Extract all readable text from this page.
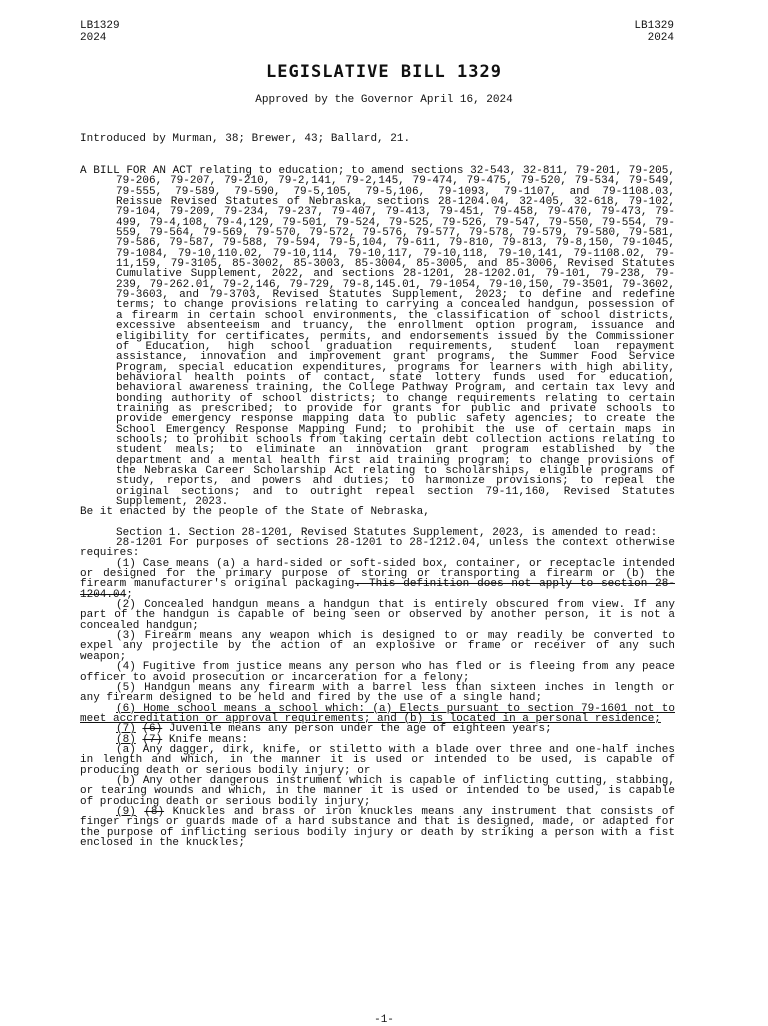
LB1329
2024
LB1329
2024
LEGISLATIVE BILL 1329
Approved by the Governor April 16, 2024
Introduced by Murman, 38; Brewer, 43; Ballard, 21.

A BILL FOR AN ACT relating to education; to amend sections 32-543, 32-811, 79-201, 79-205, 79-206, 79-207, 79-210, 79-2,141, 79-2,145, 79-474, 79-475, 79-520, 79-534, 79-549, 79-555, 79-589, 79-590, 79-5,105, 79-5,106, 79-1093, 79-1107, and 79-1108.03, Reissue Revised Statutes of Nebraska, sections 28-1204.04, 32-405, 32-618, 79-102, 79-104, 79-209, 79-234, 79-237, 79-407, 79-413, 79-451, 79-458, 79-470, 79-473, 79-499, 79-4,108, 79-4,129, 79-501, 79-524, 79-525, 79-526, 79-547, 79-550, 79-554, 79-559, 79-564, 79-569, 79-570, 79-572, 79-576, 79-577, 79-578, 79-579, 79-580, 79-581, 79-586, 79-587, 79-588, 79-594, 79-5,104, 79-611, 79-810, 79-813, 79-8,150, 79-1045, 79-1084, 79-10,110.02, 79-10,114, 79-10,117, 79-10,118, 79-10,141, 79-1108.02, 79-11,159, 79-3105, 85-3002, 85-3003, 85-3004, 85-3005, and 85-3006, Revised Statutes Cumulative Supplement, 2022, and sections 28-1201, 28-1202.01, 79-101, 79-238, 79-239, 79-262.01, 79-2,146, 79-729, 79-8,145.01, 79-1054, 79-10,150, 79-3501, 79-3602, 79-3603, and 79-3703, Revised Statutes Supplement, 2023; to define and redefine terms; to change provisions relating to carrying a concealed handgun, possession of a firearm in certain school environments, the classification of school districts, excessive absenteeism and truancy, the enrollment option program, issuance and eligibility for certificates, permits, and endorsements issued by the Commissioner of Education, high school graduation requirements, student loan repayment assistance, innovation and improvement grant programs, the Summer Food Service Program, special education expenditures, programs for learners with high ability, behavioral health points of contact, state lottery funds used for education, behavioral awareness training, the College Pathway Program, and certain tax levy and bonding authority of school districts; to change requirements relating to certain training as prescribed; to provide for grants for public and private schools to provide emergency response mapping data to public safety agencies; to create the School Emergency Response Mapping Fund; to prohibit the use of certain maps in schools; to prohibit schools from taking certain debt collection actions relating to student meals; to eliminate an innovation grant program established by the department and a mental health first aid training program; to change provisions of the Nebraska Career Scholarship Act relating to scholarships, eligible programs of study, reports, and powers and duties; to harmonize provisions; to repeal the original sections; and to outright repeal section 79-11,160, Revised Statutes Supplement, 2023.

Be it enacted by the people of the State of Nebraska,

Section 1. Section 28-1201, Revised Statutes Supplement, 2023, is amended to read:

28-1201 For purposes of sections 28-1201 to 28-1212.04, unless the context otherwise requires:

(1) Case means (a) a hard-sided or soft-sided box, container, or receptacle intended or designed for the primary purpose of storing or transporting a firearm or (b) the firearm manufacturer's original packaging. This definition does not apply to section 28-1204.04;

(2) Concealed handgun means a handgun that is entirely obscured from view. If any part of the handgun is capable of being seen or observed by another person, it is not a concealed handgun;

(3) Firearm means any weapon which is designed to or may readily be converted to expel any projectile by the action of an explosive or frame or receiver of any such weapon;

(4) Fugitive from justice means any person who has fled or is fleeing from any peace officer to avoid prosecution or incarceration for a felony;

(5) Handgun means any firearm with a barrel less than sixteen inches in length or any firearm designed to be held and fired by the use of a single hand;

(6) Home school means a school which: (a) Elects pursuant to section 79-1601 not to meet accreditation or approval requirements; and (b) is located in a personal residence;

(7) (6) Juvenile means any person under the age of eighteen years;

(8) (7) Knife means:

(a) Any dagger, dirk, knife, or stiletto with a blade over three and one-half inches in length and which, in the manner it is used or intended to be used, is capable of producing death or serious bodily injury; or

(b) Any other dangerous instrument which is capable of inflicting cutting, stabbing, or tearing wounds and which, in the manner it is used or intended to be used, is capable of producing death or serious bodily injury;

(9) (8) Knuckles and brass or iron knuckles means any instrument that consists of finger rings or guards made of a hard substance and that is designed, made, or adapted for the purpose of inflicting serious bodily injury or death by striking a person with a fist enclosed in the knuckles;

-1-
